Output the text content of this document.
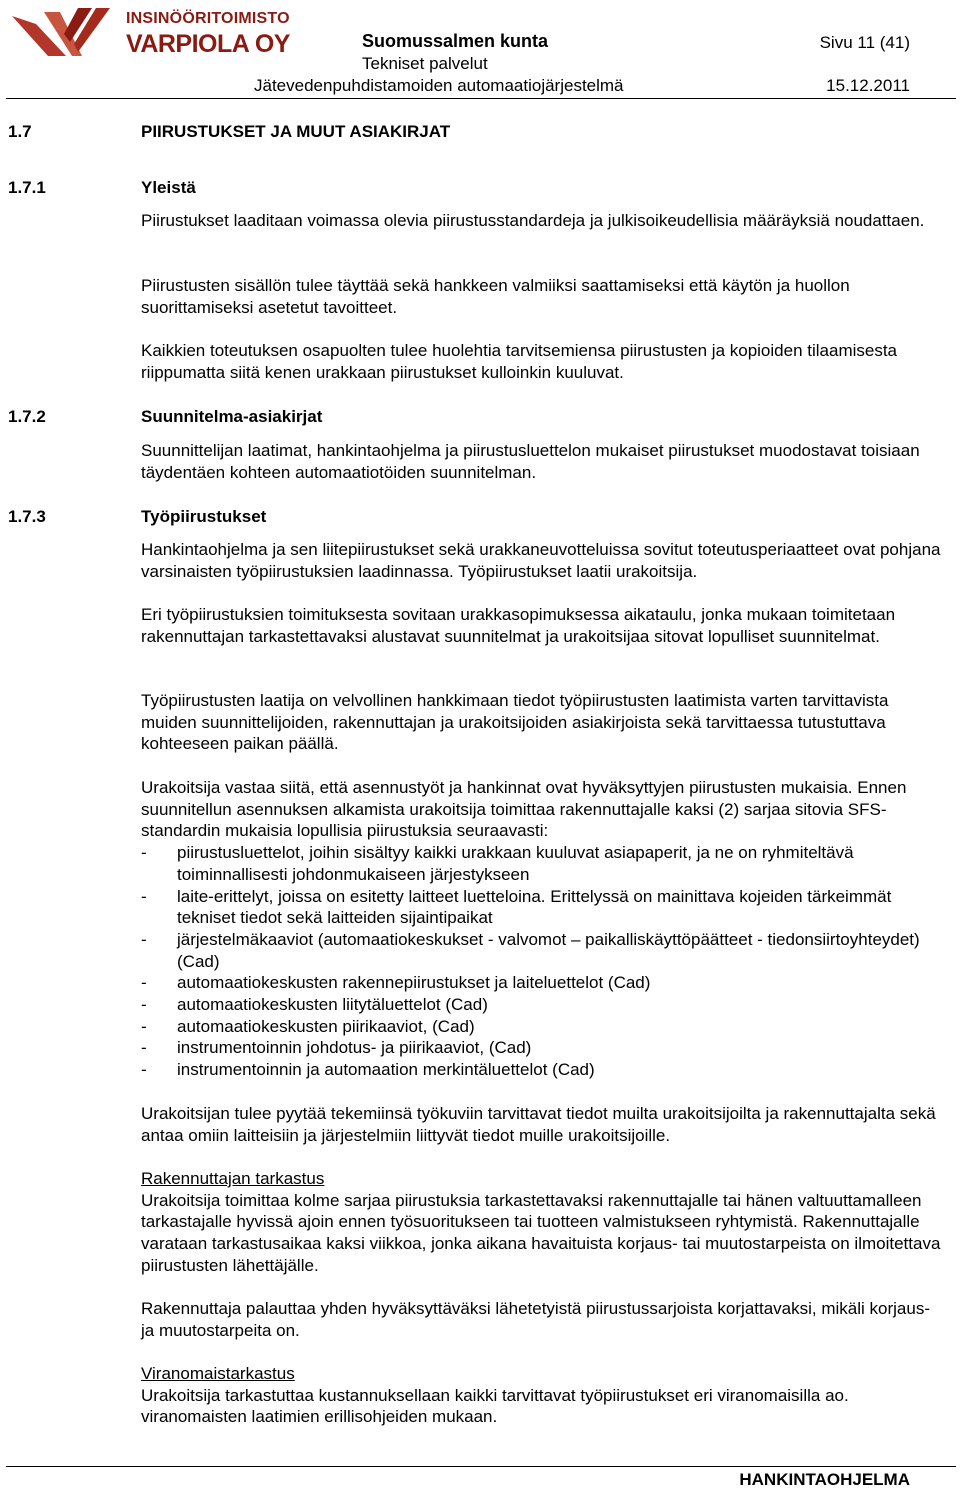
INSINÖÖRITOIMISTO
VARPIOLA OY	Suomussalmen kunta	Sivu 11 (41)
Tekniset palvelut
Jätevedenpuhdistamoiden automaatiojärjestelmä	15.12.2011
1.7	PIIRUSTUKSET JA MUUT ASIAKIRJAT
1.7.1	Yleistä

Piirustukset laaditaan voimassa olevia piirustusstandardeja ja julkisoikeudellisia määräyksiä noudattaen.

Piirustusten sisällön tulee täyttää sekä hankkeen valmiiksi saattamiseksi että käytön ja huollon suorittamiseksi asetetut tavoitteet.

Kaikkien toteutuksen osapuolten tulee huolehtia tarvitsemiensa piirustusten ja kopioiden tilaamisesta riippumatta siitä kenen urakkaan piirustukset kulloinkin kuuluvat.

1.7.2	Suunnitelma-asiakirjat

Suunnittelijan laatimat, hankintaohjelma ja piirustusluettelon mukaiset piirustukset muodostavat toisiaan täydentäen kohteen automaatiotöiden suunnitelman.

1.7.3	Työpiirustukset

Hankintaohjelma ja sen liitepiirustukset sekä urakkaneuvotteluissa sovitut toteutusperiaatteet ovat pohjana varsinaisten työpiirustuksien laadinnassa. Työpiirustukset laatii urakoitsija.

Eri työpiirustuksien toimituksesta sovitaan urakkasopimuksessa aikataulu, jonka mukaan toimitetaan rakennuttajan tarkastettavaksi alustavat suunnitelmat ja urakoitsijaa sitovat lopulliset suunnitelmat.

Työpiirustusten laatija on velvollinen hankkimaan tiedot työpiirustusten laatimista varten tarvittavista muiden suunnittelijoiden, rakennuttajan ja urakoitsijoiden asiakirjoista sekä tarvittaessa tutustuttava kohteeseen paikan päällä.

Urakoitsija vastaa siitä, että asennustyöt ja hankinnat ovat hyväksyttyjen piirustusten mukaisia. Ennen suunnitellun asennuksen alkamista urakoitsija toimittaa rakennuttajalle kaksi (2) sarjaa sitovia SFS-standardin mukaisia lopullisia piirustuksia seuraavasti:

- piirustusluettelot, joihin sisältyy kaikki urakkaan kuuluvat asiapaperit, ja ne on ryhmiteltävä toiminnallisesti johdonmukaiseen järjestykseen
- laite-erittelyt, joissa on esitetty laitteet luetteloina. Erittelyssä on mainittava kojeiden tärkeimmät tekniset tiedot sekä laitteiden sijaintipaikat
- järjestelmäkaaviot (automaatiokeskukset - valvomot – paikalliskäyttöpäätteet - tiedonsiirtoyhteydet) (Cad)
- automaatiokeskusten rakennepiirustukset ja laiteluettelot (Cad)
- automaatiokeskusten liitytäluettelot (Cad)
- automaatiokeskusten piirikaaviot, (Cad)
- instrumentoinnin johdotus- ja piirikaaviot, (Cad)
- instrumentoinnin ja automaation merkintäluettelot (Cad)

Urakoitsijan tulee pyytää tekemiinsä työkuviin tarvittavat tiedot muilta urakoitsijoilta ja rakennuttajalta sekä antaa omiin laitteisiin ja järjestelmiin liittyvät tiedot muille urakoitsijoille.

Rakennuttajan tarkastus
Urakoitsija toimittaa kolme sarjaa piirustuksia tarkastettavaksi rakennuttajalle tai hänen valtuuttamalleen tarkastajalle hyvissä ajoin ennen työsuoritukseen tai tuotteen valmistukseen ryhtymistä. Rakennuttajalle varataan tarkastusaikaa kaksi viikkoa, jonka aikana havaituista korjaus- tai muutostarpeista on ilmoitettava piirustusten lähettäjälle.

Rakennuttaja palauttaa yhden hyväksyttäväksi lähetetyistä piirustussarjoista korjattavaksi, mikäli korjaus- ja muutostarpeita on.

Viranomaistarkastus
Urakoitsija tarkastuttaa kustannuksellaan kaikki tarvittavat työpiirustukset eri viranomaisilla ao. viranomaisten laatimien erillisohjeiden mukaan.
HANKINTAOHJELMA
